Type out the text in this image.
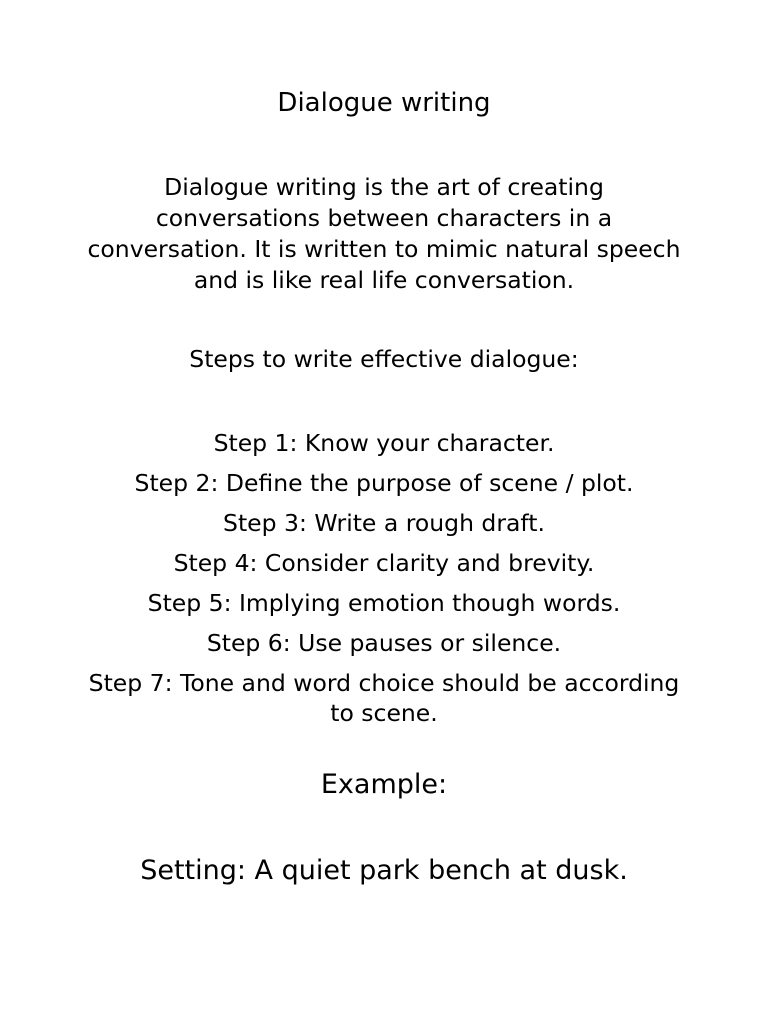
Dialogue writing

Dialogue writing is the art of creating conversations between characters in a conversation. It is written to mimic natural speech and is like real life conversation.

Steps to write effective dialogue:
Step 1: Know your character.
Step 2: Define the purpose of scene / plot.
Step 3: Write a rough draft.
Step 4: Consider clarity and brevity.
Step 5: Implying emotion though words.
Step 6: Use pauses or silence.
Step 7: Tone and word choice should be according to scene.
Example:

Setting: A quiet park bench at dusk.
